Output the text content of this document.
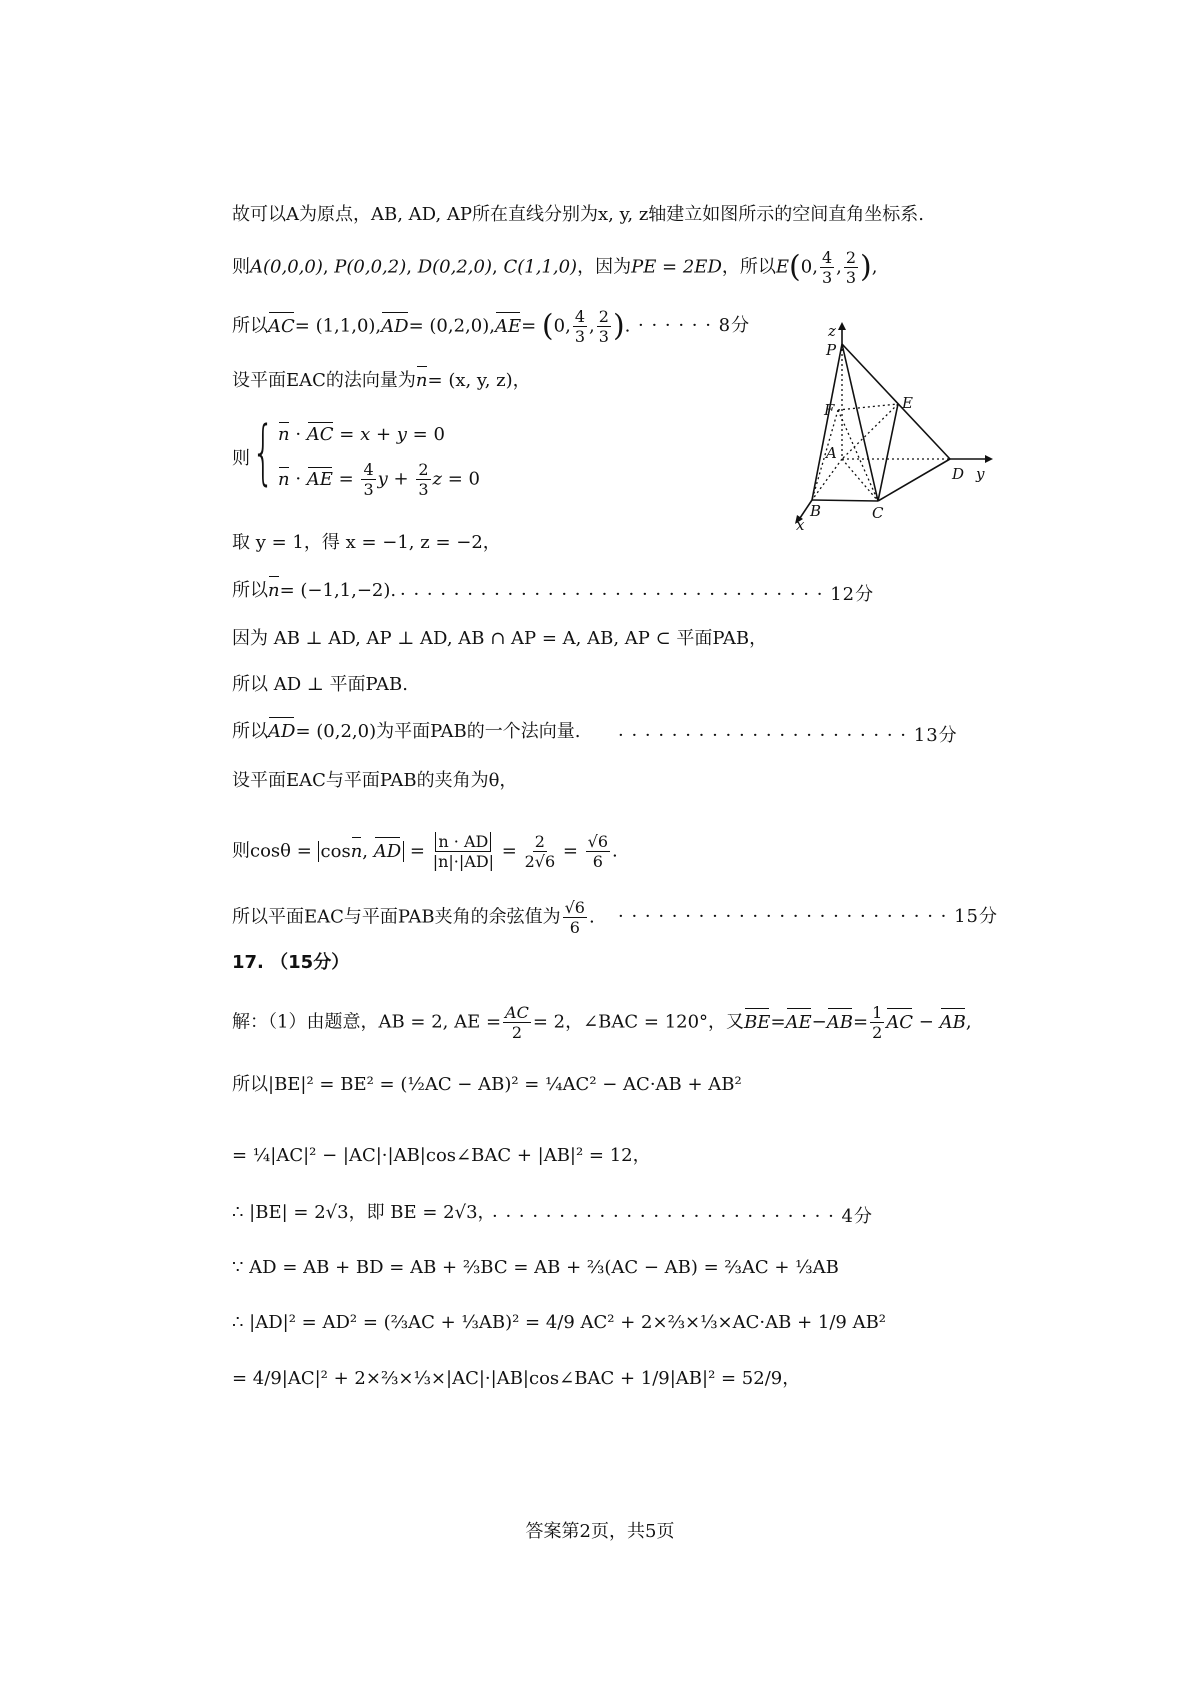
故可以A为原点，AB, AD, AP所在直线分别为x, y, z轴建立如图所示的空间直角坐标系.
则A(0,0,0), P(0,0,2), D(0,2,0), C(1,1,0)，因为PE = 2ED，所以E(0, $\frac{4}{3}$ , $\frac{2}{3}$ ),
所以AC= (1,1,0),AD= (0,2,0),AE= (0, $\frac{4}{3}$ , $\frac{2}{3}$ ). · · · · · · 8分
设平面EAC的法向量为n= (x, y, z)，
则 { n · AC = x + y = 0
n · AE = $\frac{4}{3}$ $y + \frac{2}{3}$ z = 0
取 y = 1，得 x = −1, z = −2，
所以n= (−1,1,−2). · · · · · · · · · · · · · · · · · · · · · · · · · · · · · · · · 12分
因为 AB ⊥ AD, AP ⊥ AD, AB ∩ AP = A, AB, AP ⊂ 平面PAB，
所以 AD ⊥ 平面PAB.
所以AD= (0,2,0)为平面PAB的一个法向量. · · · · · · · · · · · · · · · · · · · · · · 13分
设平面EAC与平面PAB的夹角为θ，
则cosθ = cosn, AD = $\frac{n \cdot AD}{|n|\cdot|AD|} = \frac{2}{2√6} = \frac{√6}{6}$ .
所以平面EAC与平面PAB夹角的余弦值为 $\frac{√6}{6}$ . · · · · · · · · · · · · · · · · · · · · · · · · · 15分
17. （15分）
解：（1）由题意，AB = 2, AE = $\frac{AC}{2} = 2$，∠BAC = 120°，又$BE=AE-AB= \frac{1}{2}$ AC − AB,
所以|BE|² = BE² = (½AC − AB)² = ¼AC² − AC·AB + AB²
= ¼|AC|² − |AC|·|AB|cos∠BAC + |AB|² = 12，
∴ |BE| = 2√3，即 BE = 2√3，
· · · · · · · · · · · · · · · · · · · · · · · · · · 4分
∵ AD = AB + BD = AB + ⅔BC = AB + ⅔(AC − AB) = ⅔AC + ⅓AB
∴ |AD|² = AD² = (⅔AC + ⅓AB)² = 4/9 AC² + 2×⅔×⅓×AC·AB + 1/9 AB²
= 4/9|AC|² + 2×⅔×⅓×|AC|·|AB|cos∠BAC + 1/9|AB|² = 52/9，
答案第2页，共5页
z
P
F	E
A
D y
B	C
x
